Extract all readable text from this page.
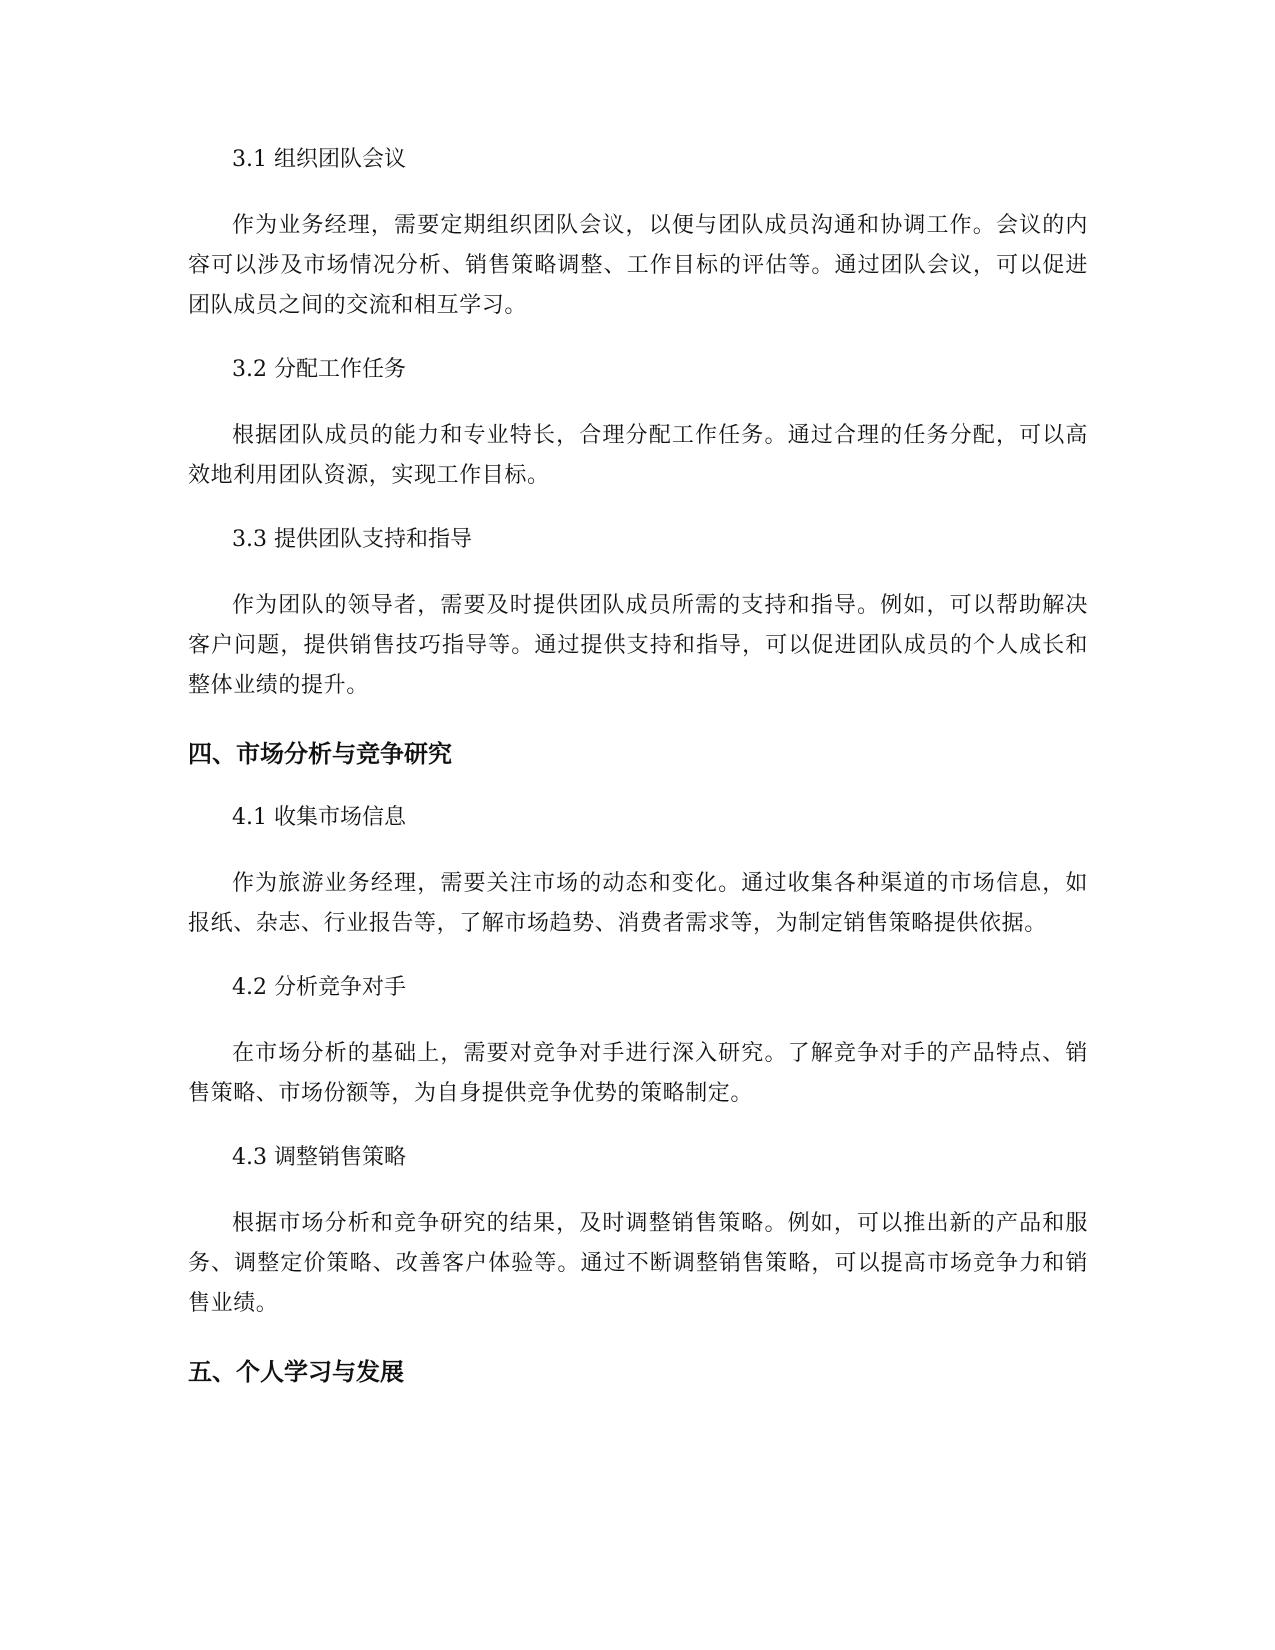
3.1 组织团队会议

作为业务经理，需要定期组织团队会议，以便与团队成员沟通和协调工作。会议的内容可以涉及市场情况分析、销售策略调整、工作目标的评估等。通过团队会议，可以促进团队成员之间的交流和相互学习。

3.2 分配工作任务

根据团队成员的能力和专业特长，合理分配工作任务。通过合理的任务分配，可以高效地利用团队资源，实现工作目标。

3.3 提供团队支持和指导

作为团队的领导者，需要及时提供团队成员所需的支持和指导。例如，可以帮助解决客户问题，提供销售技巧指导等。通过提供支持和指导，可以促进团队成员的个人成长和整体业绩的提升。

四、市场分析与竞争研究
4.1 收集市场信息

作为旅游业务经理，需要关注市场的动态和变化。通过收集各种渠道的市场信息，如报纸、杂志、行业报告等，了解市场趋势、消费者需求等，为制定销售策略提供依据。

4.2 分析竞争对手

在市场分析的基础上，需要对竞争对手进行深入研究。了解竞争对手的产品特点、销售策略、市场份额等，为自身提供竞争优势的策略制定。

4.3 调整销售策略

根据市场分析和竞争研究的结果，及时调整销售策略。例如，可以推出新的产品和服务、调整定价策略、改善客户体验等。通过不断调整销售策略，可以提高市场竞争力和销售业绩。

五、个人学习与发展
